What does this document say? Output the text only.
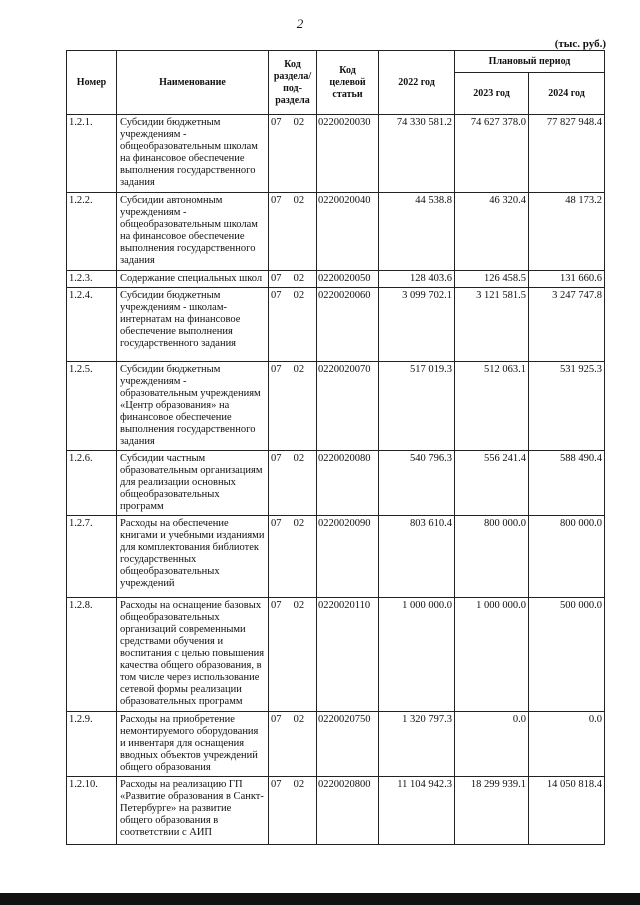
2
(тыс. руб.)
Номер	Наименование	Код раздела/ под- раздела	Код целевой статьи	2022 год	Плановый период	
					2023 год	2024 год
1.2.1.	Субсидии бюджетным учреждениям - общеобразовательным школам на финансовое обеспечение выполнения государственного задания	07 02	0220020030	74 330 581.2	74 627 378.0	77 827 948.4
1.2.2.	Субсидии автономным учреждениям - общеобразовательным школам на финансовое обеспечение выполнения государственного задания	07 02	0220020040	44 538.8	46 320.4	48 173.2
1.2.3.	Содержание специальных школ	07 02	0220020050	128 403.6	126 458.5	131 660.6
1.2.4.	Субсидии бюджетным учреждениям - школам-интернатам на финансовое обеспечение выполнения государственного задания	07 02	0220020060	3 099 702.1	3 121 581.5	3 247 747.8
1.2.5.	Субсидии бюджетным учреждениям - образовательным учреждениям «Центр образования» на финансовое обеспечение выполнения государственного задания	07 02	0220020070	517 019.3	512 063.1	531 925.3
1.2.6.	Субсидии частным образовательным организациям для реализации основных общеобразовательных программ	07 02	0220020080	540 796.3	556 241.4	588 490.4
1.2.7.	Расходы на обеспечение книгами и учебными изданиями для комплектования библиотек государственных общеобразовательных учреждений	07 02	0220020090	803 610.4	800 000.0	800 000.0
1.2.8.	Расходы на оснащение базовых общеобразовательных организаций современными средствами обучения и воспитания с целью повышения качества общего образования, в том числе через использование сетевой формы реализации образовательных программ	07 02	0220020110	1 000 000.0	1 000 000.0	500 000.0
1.2.9.	Расходы на приобретение немонтируемого оборудования и инвентаря для оснащения вводных объектов учреждений общего образования	07 02	0220020750	1 320 797.3	0.0	0.0
1.2.10.	Расходы на реализацию ГП «Развитие образования в Санкт-Петербурге» на развитие общего образования в соответствии с АИП	07 02	0220020800	11 104 942.3	18 299 939.1	14 050 818.4
